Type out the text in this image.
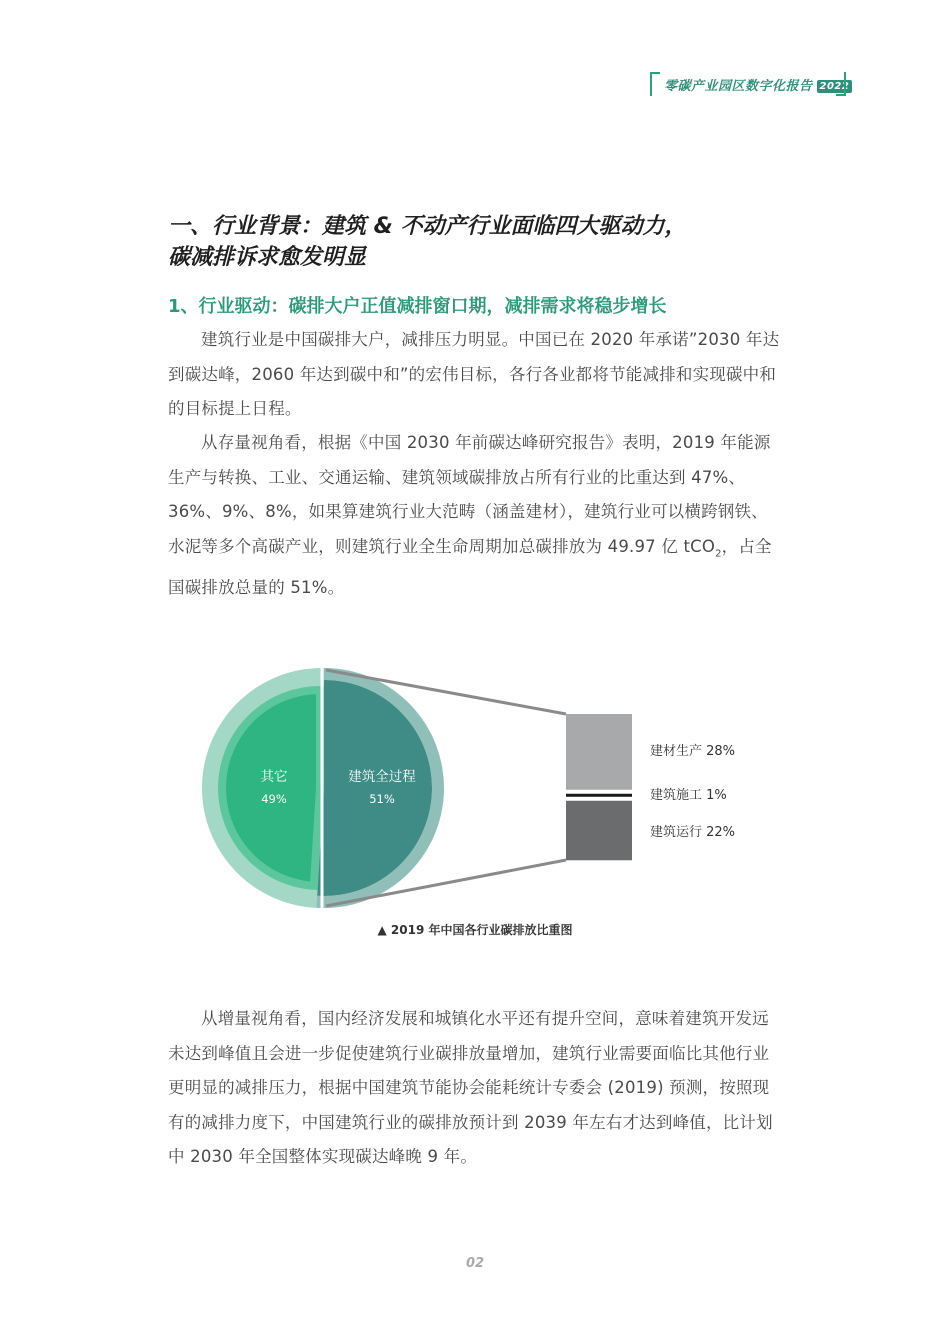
零碳产业园区数字化报告 2022
一、行业背景：建筑 & 不动产行业面临四大驱动力，
碳减排诉求愈发明显
1、行业驱动：碳排大户正值减排窗口期，减排需求将稳步增长

建筑行业是中国碳排大户，减排压力明显。中国已在 2020 年承诺”2030 年达到碳达峰，2060 年达到碳中和”的宏伟目标，各行各业都将节能减排和实现碳中和的目标提上日程。

从存量视角看，根据《中国 2030 年前碳达峰研究报告》表明，2019 年能源生产与转换、工业、交通运输、建筑领域碳排放占所有行业的比重达到 47%、36%、9%、8%，如果算建筑行业大范畴（涵盖建材），建筑行业可以横跨钢铁、水泥等多个高碳产业，则建筑行业全生命周期加总碳排放为 49.97 亿 tCO$_2$，占全国碳排放总量的 51%。

其它
49%
建筑全过程
51%
建材生产 28%
建筑施工 1%
建筑运行 22%
▲ 2019 年中国各行业碳排放比重图

从增量视角看，国内经济发展和城镇化水平还有提升空间，意味着建筑开发远未达到峰值且会进一步促使建筑行业碳排放量增加，建筑行业需要面临比其他行业更明显的减排压力，根据中国建筑节能协会能耗统计专委会 (2019) 预测，按照现有的减排力度下，中国建筑行业的碳排放预计到 2039 年左右才达到峰值，比计划中 2030 年全国整体实现碳达峰晚 9 年。

02
